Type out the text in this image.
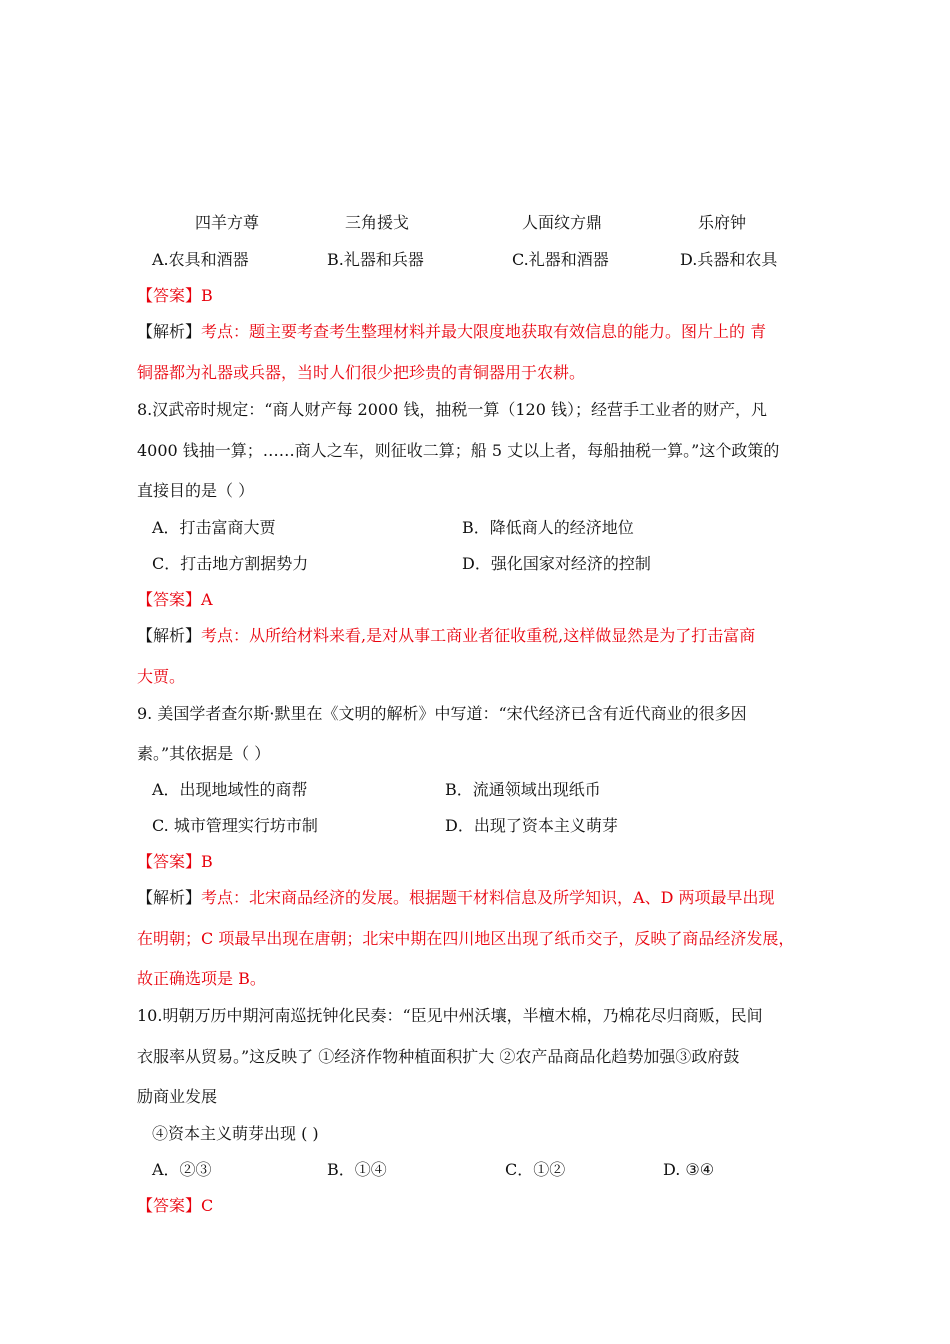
四羊方尊	三角援戈	人面纹方鼎	乐府钟
A.农具和酒器	B.礼器和兵器	C.礼器和酒器	D.兵器和农具
【答案】B
【解析】考点：题主要考查考生整理材料并最大限度地获取有效信息的能力。图片上的 青
铜器都为礼器或兵器，当时人们很少把珍贵的青铜器用于农耕。
8.汉武帝时规定：“商人财产每 2000 钱，抽税一算（120 钱）；经营手工业者的财产，凡
4000 钱抽一算；……商人之车，则征收二算；船 5 丈以上者，每船抽税一算。”这个政策的
直接目的是（ ）
A．打击富商大贾	B．降低商人的经济地位
C．打击地方割据势力	D．强化国家对经济的控制
【答案】A
【解析】考点：从所给材料来看,是对从事工商业者征收重税,这样做显然是为了打击富商
大贾。
9. 美国学者查尔斯·默里在《文明的解析》中写道：“宋代经济已含有近代商业的很多因
素。”其依据是（ ）
A．出现地域性的商帮	B．流通领域出现纸币
C. 城市管理实行坊市制	D．出现了资本主义萌芽
【答案】B
【解析】考点：北宋商品经济的发展。根据题干材料信息及所学知识，A、D 两项最早出现
在明朝；C 项最早出现在唐朝；北宋中期在四川地区出现了纸币交子，反映了商品经济发展，
故正确选项是 B。
10.明朝万历中期河南巡抚钟化民奏：“臣见中州沃壤，半檀木棉，乃棉花尽归商贩，民间
衣服率从贸易。”这反映了 ①经济作物种植面积扩大 ②农产品商品化趋势加强③政府鼓
励商业发展
④资本主义萌芽出现 ( )
A．②③	B．①④	C．①②	D. ③④
【答案】C
